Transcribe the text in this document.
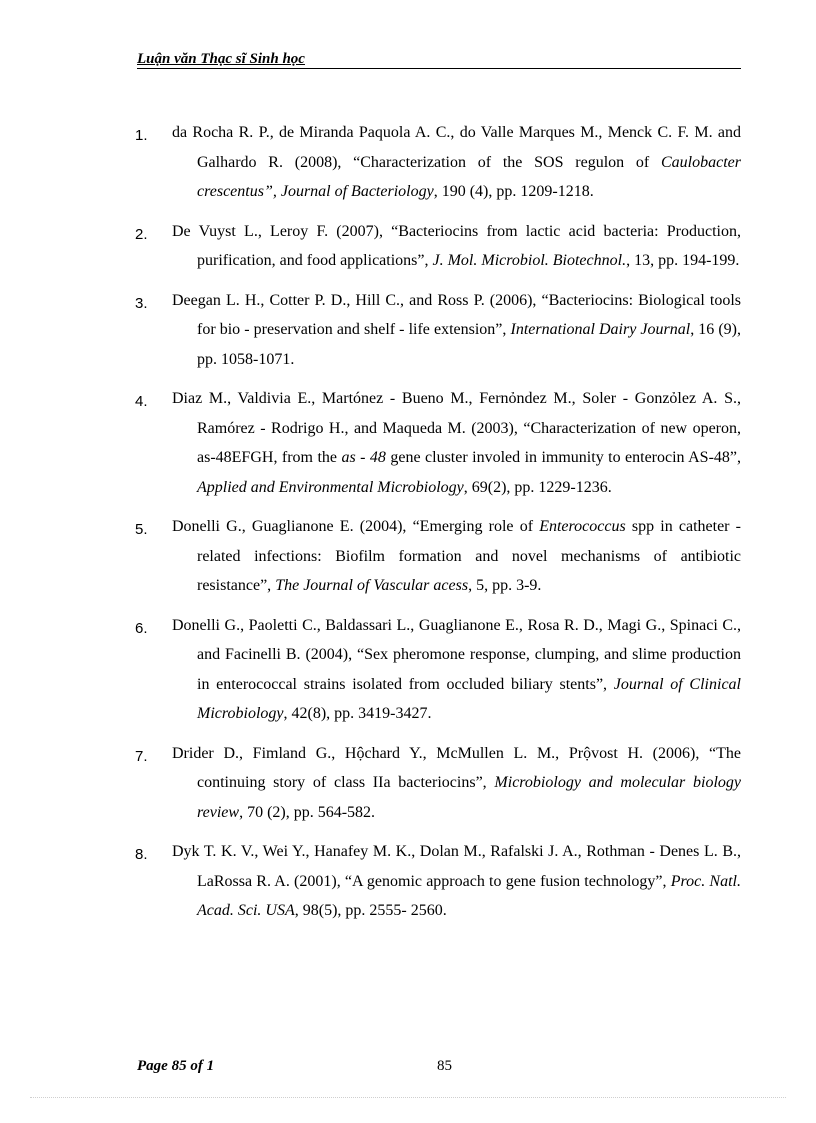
Luận văn Thạc sĩ Sinh học
1. da Rocha R. P., de Miranda Paquola A. C., do Valle Marques M., Menck C. F. M. and Galhardo R. (2008), “Characterization of the SOS regulon of Caulobacter crescentus”, Journal of Bacteriology, 190 (4), pp. 1209-1218.
2. De Vuyst L., Leroy F. (2007), “Bacteriocins from lactic acid bacteria: Production, purification, and food applications”, J. Mol. Microbiol. Biotechnol., 13, pp. 194-199.
3. Deegan L. H., Cotter P. D., Hill C., and Ross P. (2006), “Bacteriocins: Biological tools for bio - preservation and shelf - life extension”, International Dairy Journal, 16 (9), pp. 1058-1071.
4. Diaz M., Valdivia E., Martónez - Bueno M., Fernỏndez M., Soler - Gonzỏlez A. S., Ramórez - Rodrigo H., and Maqueda M. (2003), “Characterization of new operon, as-48EFGH, from the as - 48 gene cluster involed in immunity to enterocin AS-48”, Applied and Environmental Microbiology, 69(2), pp. 1229-1236.
5. Donelli G., Guaglianone E. (2004), “Emerging role of Enterococcus spp in catheter - related infections: Biofilm formation and novel mechanisms of antibiotic resistance”, The Journal of Vascular acess, 5, pp. 3-9.
6. Donelli G., Paoletti C., Baldassari L., Guaglianone E., Rosa R. D., Magi G., Spinaci C., and Facinelli B. (2004), “Sex pheromone response, clumping, and slime production in enterococcal strains isolated from occluded biliary stents”, Journal of Clinical Microbiology, 42(8), pp. 3419-3427.
7. Drider D., Fimland G., Hộchard Y., McMullen L. M., Prộvost H. (2006), “The continuing story of class IIa bacteriocins”, Microbiology and molecular biology review, 70 (2), pp. 564-582.
8. Dyk T. K. V., Wei Y., Hanafey M. K., Dolan M., Rafalski J. A., Rothman - Denes L. B., LaRossa R. A. (2001), “A genomic approach to gene fusion technology”, Proc. Natl. Acad. Sci. USA, 98(5), pp. 2555- 2560.
Page 85 of 1	85
